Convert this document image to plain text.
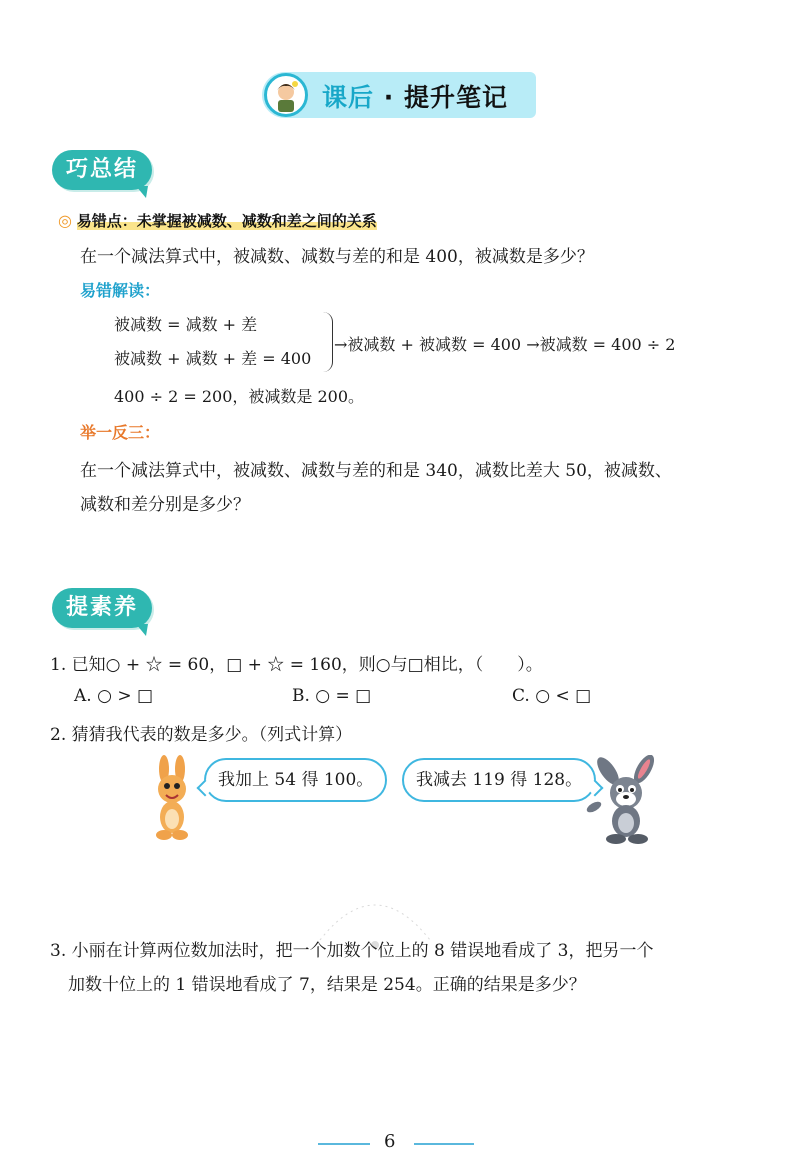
课后 · 提升笔记
巧总结
◎ 易错点：未掌握被减数、减数和差之间的关系
在一个减法算式中，被减数、减数与差的和是 400，被减数是多少？
易错解读：
被减数 = 减数 + 差
被减数 + 减数 + 差 = 400
→被减数 + 被减数 = 400 →被减数 = 400 ÷ 2
400 ÷ 2 = 200，被减数是 200。
举一反三：
在一个减法算式中，被减数、减数与差的和是 340，减数比差大 50，被减数、
减数和差分别是多少？
提素养
1. 已知○ + ☆ = 60，□ + ☆ = 160，则○与□相比，（　　）。
A. ○ > □	B. ○ = □	C. ○ < □
2. 猜猜我代表的数是多少。（列式计算）
我加上 54 得 100。	我减去 119 得 128。
3. 小丽在计算两位数加法时，把一个加数个位上的 8 错误地看成了 3，把另一个
加数十位上的 1 错误地看成了 7，结果是 254。正确的结果是多少？
6
